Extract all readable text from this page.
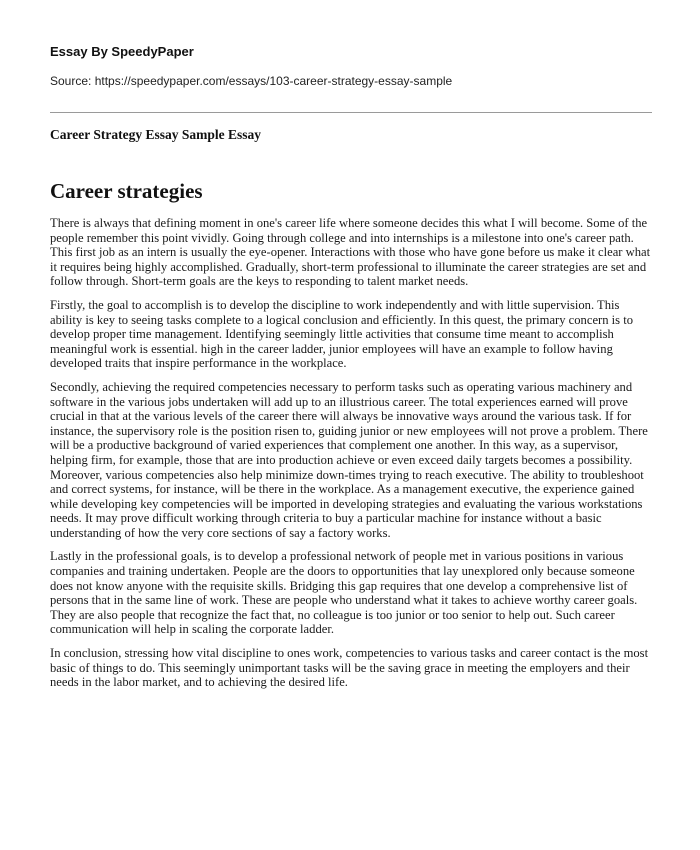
Essay By SpeedyPaper
Source: https://speedypaper.com/essays/103-career-strategy-essay-sample
Career Strategy Essay Sample Essay
Career strategies

There is always that defining moment in one's career life where someone decides this what I will become. Some of the people remember this point vividly. Going through college and into internships is a milestone into one's career path. This first job as an intern is usually the eye-opener. Interactions with those who have gone before us make it clear what it requires being highly accomplished. Gradually, short-term professional to illuminate the career strategies are set and follow through. Short-term goals are the keys to responding to talent market needs.

Firstly, the goal to accomplish is to develop the discipline to work independently and with little supervision. This ability is key to seeing tasks complete to a logical conclusion and efficiently. In this quest, the primary concern is to develop proper time management. Identifying seemingly little activities that consume time meant to accomplish meaningful work is essential. high in the career ladder, junior employees will have an example to follow having developed traits that inspire performance in the workplace.

Secondly, achieving the required competencies necessary to perform tasks such as operating various machinery and software in the various jobs undertaken will add up to an illustrious career. The total experiences earned will prove crucial in that at the various levels of the career there will always be innovative ways around the various task. If for instance, the supervisory role is the position risen to, guiding junior or new employees will not prove a problem. There will be a productive background of varied experiences that complement one another. In this way, as a supervisor, helping firm, for example, those that are into production achieve or even exceed daily targets becomes a possibility. Moreover, various competencies also help minimize down-times trying to reach executive. The ability to troubleshoot and correct systems, for instance, will be there in the workplace. As a management executive, the experience gained while developing key competencies will be imported in developing strategies and evaluating the various workstations needs. It may prove difficult working through criteria to buy a particular machine for instance without a basic understanding of how the very core sections of say a factory works.

Lastly in the professional goals, is to develop a professional network of people met in various positions in various companies and training undertaken. People are the doors to opportunities that lay unexplored only because someone does not know anyone with the requisite skills. Bridging this gap requires that one develop a comprehensive list of persons that in the same line of work. These are people who understand what it takes to achieve worthy career goals. They are also people that recognize the fact that, no colleague is too junior or too senior to help out. Such career communication will help in scaling the corporate ladder.

In conclusion, stressing how vital discipline to ones work, competencies to various tasks and career contact is the most basic of things to do. This seemingly unimportant tasks will be the saving grace in meeting the employers and their needs in the labor market, and to achieving the desired life.
